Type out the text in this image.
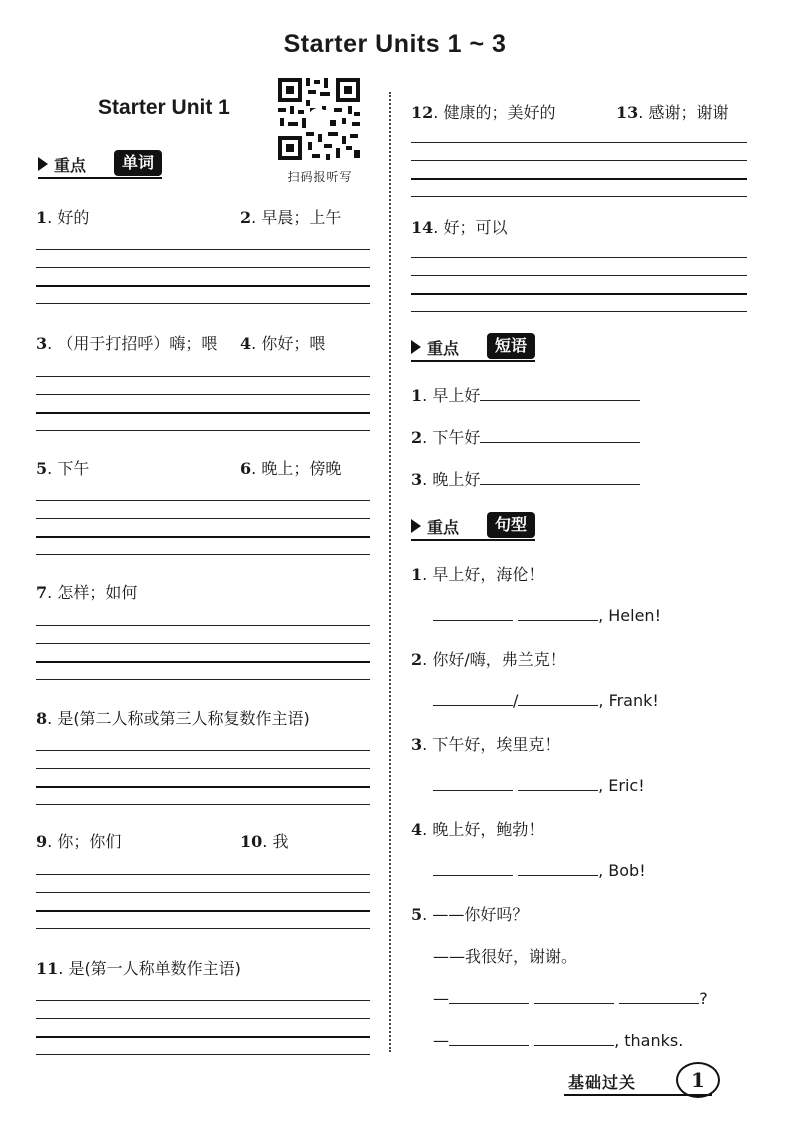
Starter Units 1 ~ 3
Starter Unit 1
扫码报听写
重点	单词
1. 好的	2. 早晨；上午
3. （用于打招呼）嗨；喂 4. 你好；喂
5. 下午	6. 晚上；傍晚
7. 怎样；如何
8. 是(第二人称或第三人称复数作主语)
9. 你；你们	10. 我
11. 是(第一人称单数作主语)
12. 健康的；美好的	13. 感谢；谢谢
14. 好；可以
重点	短语
1. 早上好
2. 下午好
3. 晚上好
重点	句型
1. 早上好，海伦！
, Helen!
2. 你好/嗨，弗兰克！
/	, Frank!
3. 下午好，埃里克！
, Eric!
4. 晚上好，鲍勃！
, Bob!
5. ——你好吗？
——我很好，谢谢。
—	?
—	, thanks.
基础过关	1
